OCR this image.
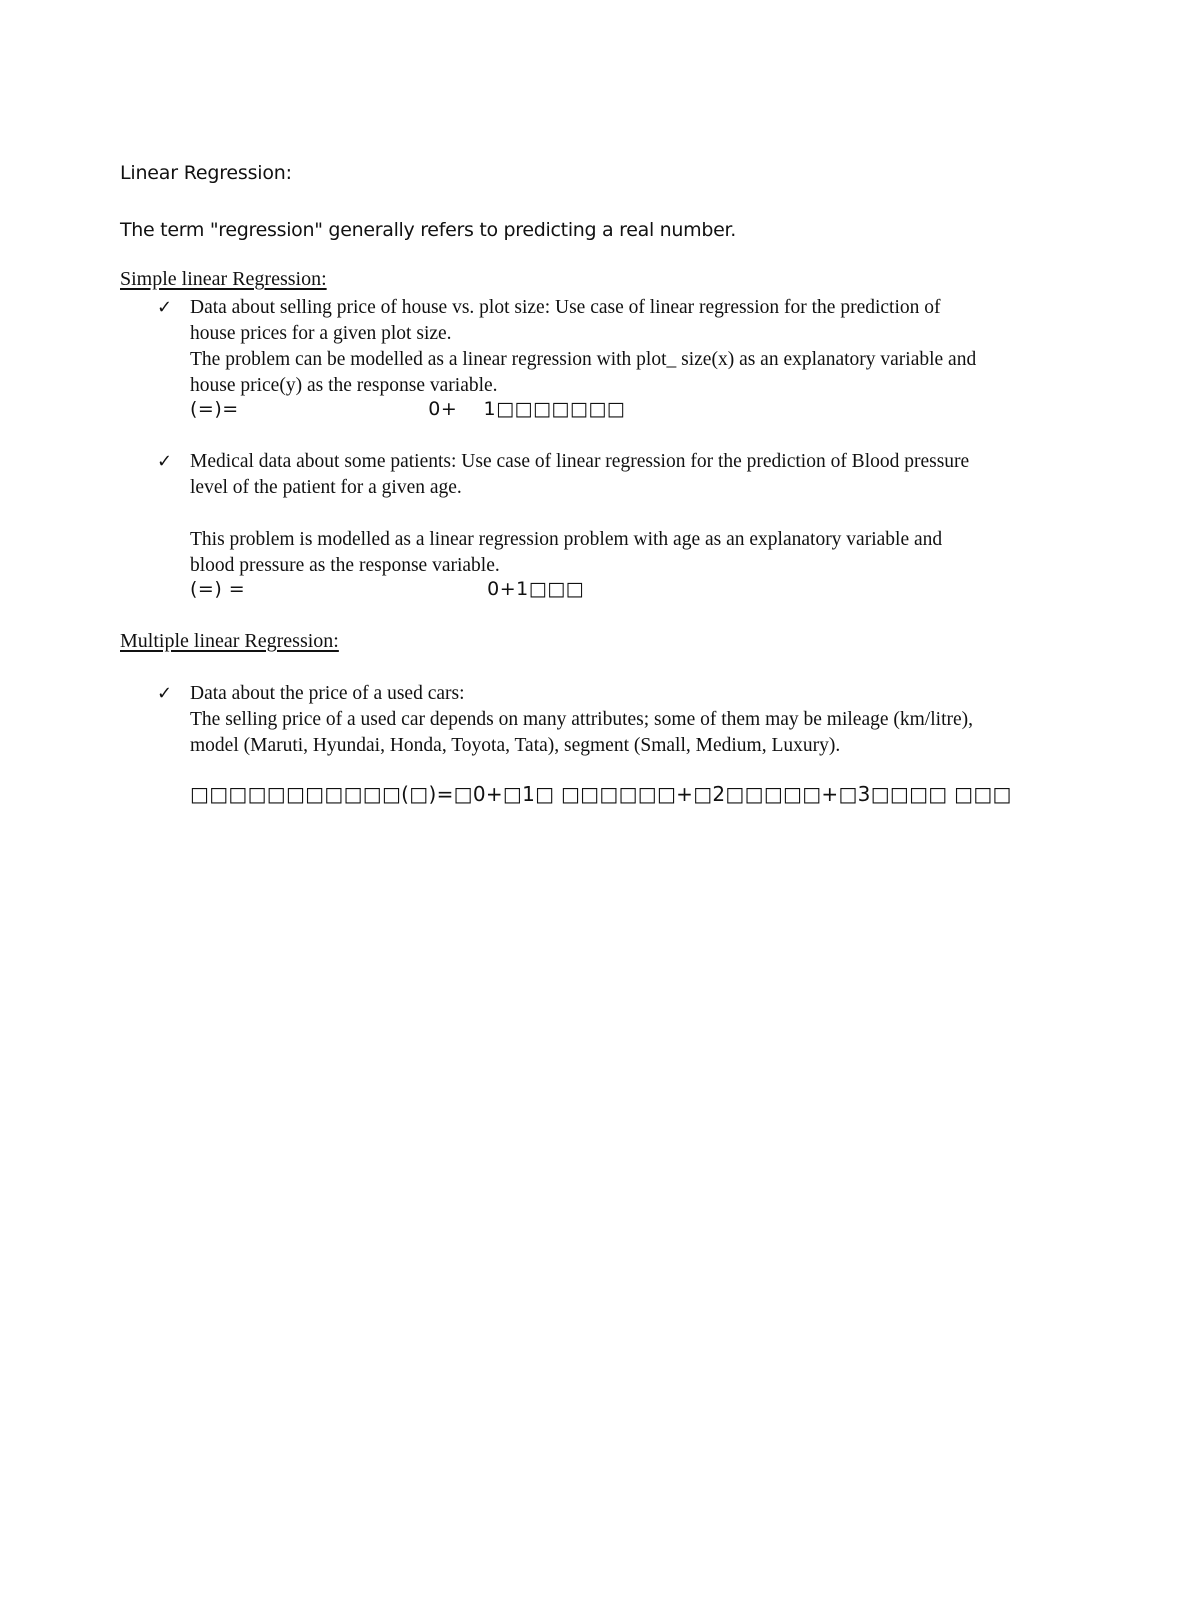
Linear Regression:
The term "regression" generally refers to predicting a real number.
Simple linear Regression:
✓ Data about selling price of house vs. plot size: Use case of linear regression for the prediction of

house prices for a given plot size.

The problem can be modelled as a linear regression with plot_ size(x) as an explanatory variable and

house price(y) as the response variable.

(=)=                             0+    1□□□□□□□
✓ Medical data about some patients: Use case of linear regression for the prediction of Blood pressure

level of the patient for a given age.

This problem is modelled as a linear regression problem with age as an explanatory variable and

blood pressure as the response variable.

(=) =                                     0+1□□□
Multiple linear Regression:
✓ Data about the price of a used cars:

The selling price of a used car depends on many attributes; some of them may be mileage (km/litre),

model (Maruti, Hyundai, Honda, Toyota, Tata), segment (Small, Medium, Luxury).

□□□□□□□□□□□(□)=□0+□1□ □□□□□□+□2□□□□□+□3□□□□ □□□
